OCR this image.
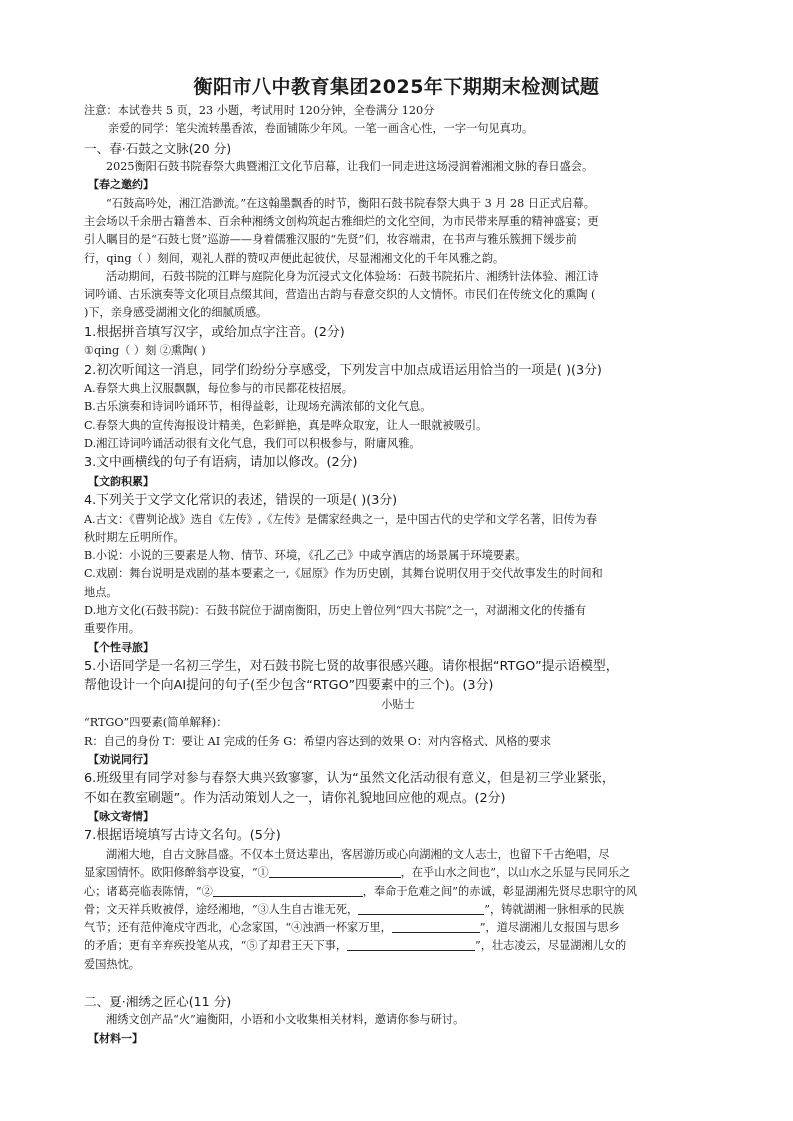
衡阳市八中教育集团2025年下期期末检测试题
注意：本试卷共 5 页，23 小题，考试用时 120分钟，全卷满分 120分
亲爱的同学：笔尖流转墨香浓，卷面铺陈少年风。一笔一画含心性，一字一句见真功。
一、春·石鼓之文脉(20 分)
2025衡阳石鼓书院春祭大典暨湘江文化节启幕，让我们一同走进这场浸润着湘湘文脉的春日盛会。
【春之邀约】
“石鼓高吟处，湘江浩渺流。”在这翰墨飘香的时节，衡阳石鼓书院春祭大典于 3 月 28 日正式启幕。
主会场以千余册古籍善本、百余种湘绣文创构筑起古雅细烂的文化空间，为市民带来厚重的精神盛宴；更
引人瞩目的是“石鼓七贤”巡游——身着儒雅汉服的“先贤”们，妆容端肃，在书声与雅乐簇拥下缓步前
行，qing（ ）刻间，观礼人群的赞叹声便此起彼伏，尽显湘湘文化的千年风雅之韵。
活动期间，石鼓书院的江畔与庭院化身为沉浸式文化体验场：石鼓书院拓片、湘绣针法体验、湘江诗
词吟诵、古乐演奏等文化项目点缀其间，营造出古韵与春意交织的人文情怀。市民们在传统文化的熏陶 (
)下，亲身感受湖湘文化的细腻质感。
1.根据拼音填写汉字，或给加点字注音。(2分)
①qing（ ）刻 ②熏陶( )
2.初次听闻这一消息，同学们纷纷分享感受，下列发言中加点成语运用恰当的一项是( )(3分)
A.春祭大典上汉服飘飘，每位参与的市民都花枝招展。
B.古乐演奏和诗词吟诵环节，相得益彰，让现场充满浓郁的文化气息。
C.春祭大典的宣传海报设计精美，色彩鲜艳，真是哗众取宠，让人一眼就被吸引。
D.湘江诗词吟诵活动很有文化气息，我们可以积极参与，附庸风雅。
3.文中画横线的句子有语病，请加以修改。(2分)
【文韵积累】
4.下列关于文学文化常识的表述，错误的一项是( )(3分)
A.古文：《曹刿论战》选自《左传》,《左传》是儒家经典之一，是中国古代的史学和文学名著，旧传为春
秋时期左丘明所作。
B.小说：小说的三要素是人物、情节、环境，《孔乙己》中咸亨酒店的场景属于环境要素。
C.戏剧：舞台说明是戏剧的基本要素之一,《屈原》作为历史剧，其舞台说明仅用于交代故事发生的时间和
地点。
D.地方文化(石鼓书院)：石鼓书院位于湖南衡阳，历史上曾位列“四大书院”之一，对湖湘文化的传播有
重要作用。
【个性寻旅】
5.小语同学是一名初三学生，对石鼓书院七贤的故事很感兴趣。请你根据“RTGO”提示语模型，
帮他设计一个向AI提问的句子(至少包含“RTGO”四要素中的三个)。(3分)
小贴士
“RTGO”四要素(简单解释)：
R：自己的身份 T：要让 AI 完成的任务 G：希望内容达到的效果 O：对内容格式、风格的要求
【劝说同行】
6.班级里有同学对参与春祭大典兴致寥寥，认为“虽然文化活动很有意义，但是初三学业紧张，
不如在教室刷题”。作为活动策划人之一，请你礼貌地回应他的观点。(2分)
【咏文寄情】
7.根据语境填写古诗文名句。(5分)
湖湘大地，自古文脉昌盛。不仅本土贤达辈出，客居游历或心向湖湘的文人志士，也留下千古绝唱，尽
显家国情怀。欧阳修醉翁亭设宴，“①	，在乎山水之间也”，以山水之乐显与民同乐之
心；诸葛亮临表陈情，“②	，奉命于危难之间”的赤诚，彰显湖湘先贤尽忠职守的风
骨；文天祥兵败被俘，途经湘地，“③人生自古谁无死，	”，铸就湖湘一脉相承的民族
气节；还有范仲淹戍守西北，心念家国，“④浊酒一杯家万里，	”，道尽湖湘儿女报国与思乡
的矛盾；更有辛弃疾投笔从戎，“⑤了却君王天下事，	”，壮志凌云，尽显湖湘儿女的
爱国热忱。
二、夏·湘绣之匠心(11 分)
湘绣文创产品“火”遍衡阳，小语和小文收集相关材料，邀请你参与研讨。
【材料一】
